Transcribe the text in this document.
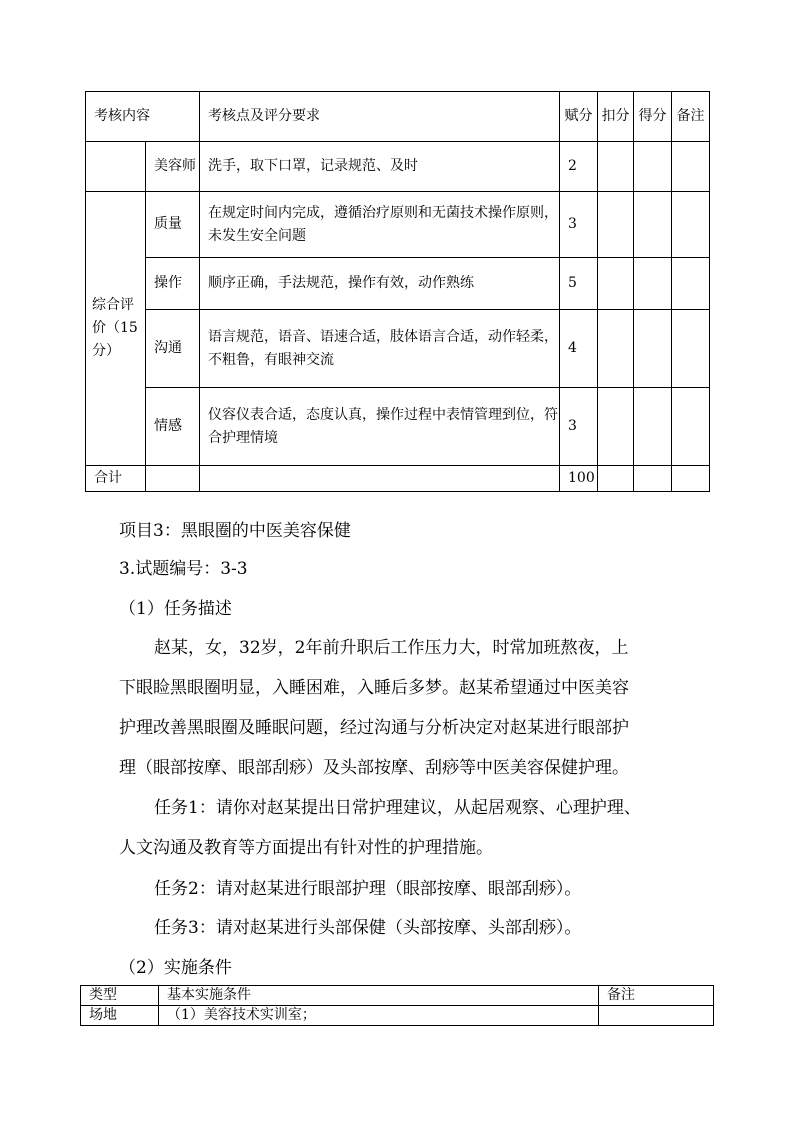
考核内容		考核点及评分要求	赋分	扣分	得分	备注
	美容师	洗手，取下口罩，记录规范、及时	2			
综合评价（15分）	质量	在规定时间内完成，遵循治疗原则和无菌技术操作原则，未发生安全问题	3			
	操作	顺序正确，手法规范，操作有效，动作熟练	5			
	沟通	语言规范，语音、语速合适，肢体语言合适，动作轻柔，不粗鲁，有眼神交流	4			
	情感	仪容仪表合适，态度认真，操作过程中表情管理到位，符合护理情境	3			
合计			100			
项目3：黑眼圈的中医美容保健
3.试题编号：3-3
（1）任务描述
赵某，女，32岁，2年前升职后工作压力大，时常加班熬夜，上
下眼睑黑眼圈明显，入睡困难，入睡后多梦。赵某希望通过中医美容
护理改善黑眼圈及睡眠问题，经过沟通与分析决定对赵某进行眼部护
理（眼部按摩、眼部刮痧）及头部按摩、刮痧等中医美容保健护理。
任务1：请你对赵某提出日常护理建议，从起居观察、心理护理、
人文沟通及教育等方面提出有针对性的护理措施。
任务2：请对赵某进行眼部护理（眼部按摩、眼部刮痧）。
任务3：请对赵某进行头部保健（头部按摩、头部刮痧）。
（2）实施条件
类型	基本实施条件	备注
场地	（1）美容技术实训室；	
